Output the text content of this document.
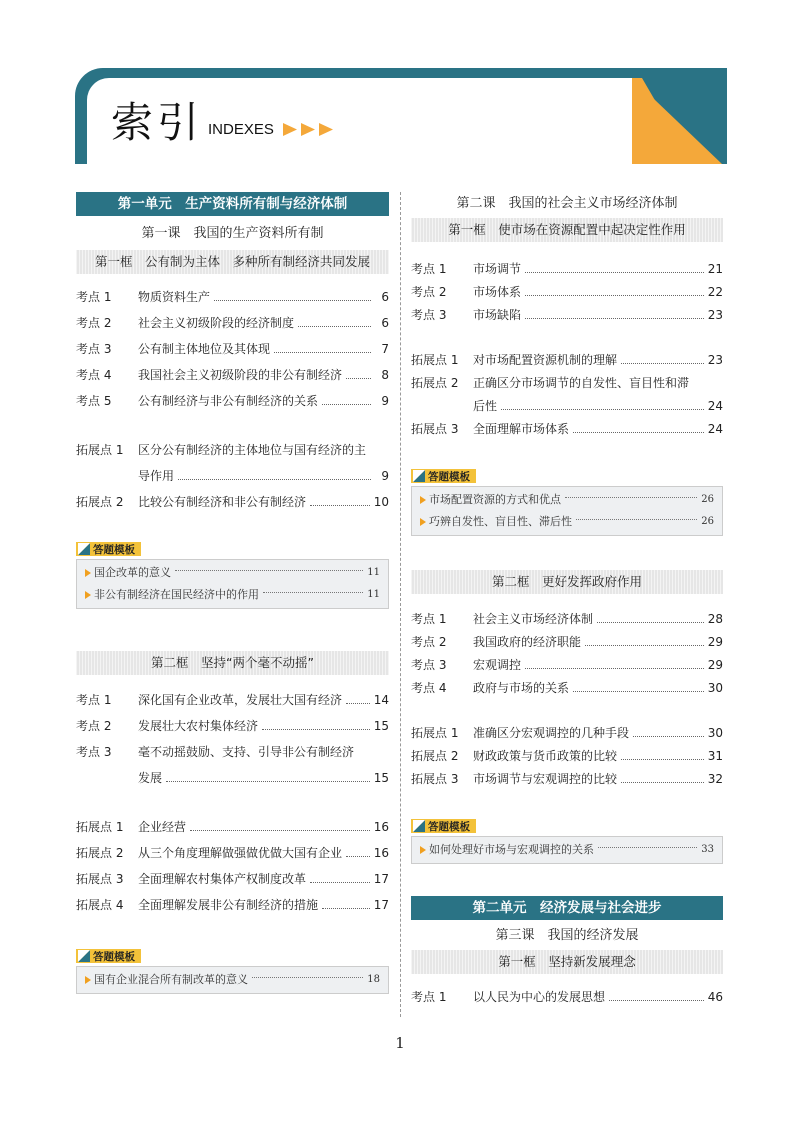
索引 INDEXES
第一单元　生产资料所有制与经济体制
第一课　我国的生产资料所有制
第一框　公有制为主体　多种所有制经济共同发展
考点 1	物质资料生产	6
考点 2	社会主义初级阶段的经济制度	6
考点 3	公有制主体地位及其体现	7
考点 4	我国社会主义初级阶段的非公有制经济	8
考点 5	公有制经济与非公有制经济的关系	9
拓展点 1	区分公有制经济的主体地位与国有经济的主
导作用	9
拓展点 2	比较公有制经济和非公有制经济	10
答题模板
国企改革的意义	11
非公有制经济在国民经济中的作用	11
第二框　坚持“两个毫不动摇”
考点 1	深化国有企业改革，发展壮大国有经济	14
考点 2	发展壮大农村集体经济	15
考点 3	毫不动摇鼓励、支持、引导非公有制经济
发展	15
拓展点 1	企业经营	16
拓展点 2	从三个角度理解做强做优做大国有企业	16
拓展点 3	全面理解农村集体产权制度改革	17
拓展点 4	全面理解发展非公有制经济的措施	17
答题模板
国有企业混合所有制改革的意义	18
第二课　我国的社会主义市场经济体制
第一框　使市场在资源配置中起决定性作用
考点 1	市场调节	21
考点 2	市场体系	22
考点 3	市场缺陷	23
拓展点 1	对市场配置资源机制的理解	23
拓展点 2	正确区分市场调节的自发性、盲目性和滞
后性	24
拓展点 3	全面理解市场体系	24
答题模板
市场配置资源的方式和优点	26
巧辨自发性、盲目性、滞后性	26
第二框　更好发挥政府作用
考点 1	社会主义市场经济体制	28
考点 2	我国政府的经济职能	29
考点 3	宏观调控	29
考点 4	政府与市场的关系	30
拓展点 1	准确区分宏观调控的几种手段	30
拓展点 2	财政政策与货币政策的比较	31
拓展点 3	市场调节与宏观调控的比较	32
答题模板
如何处理好市场与宏观调控的关系	33
第二单元　经济发展与社会进步
第三课　我国的经济发展
第一框　坚持新发展理念
考点 1	以人民为中心的发展思想	46
1
